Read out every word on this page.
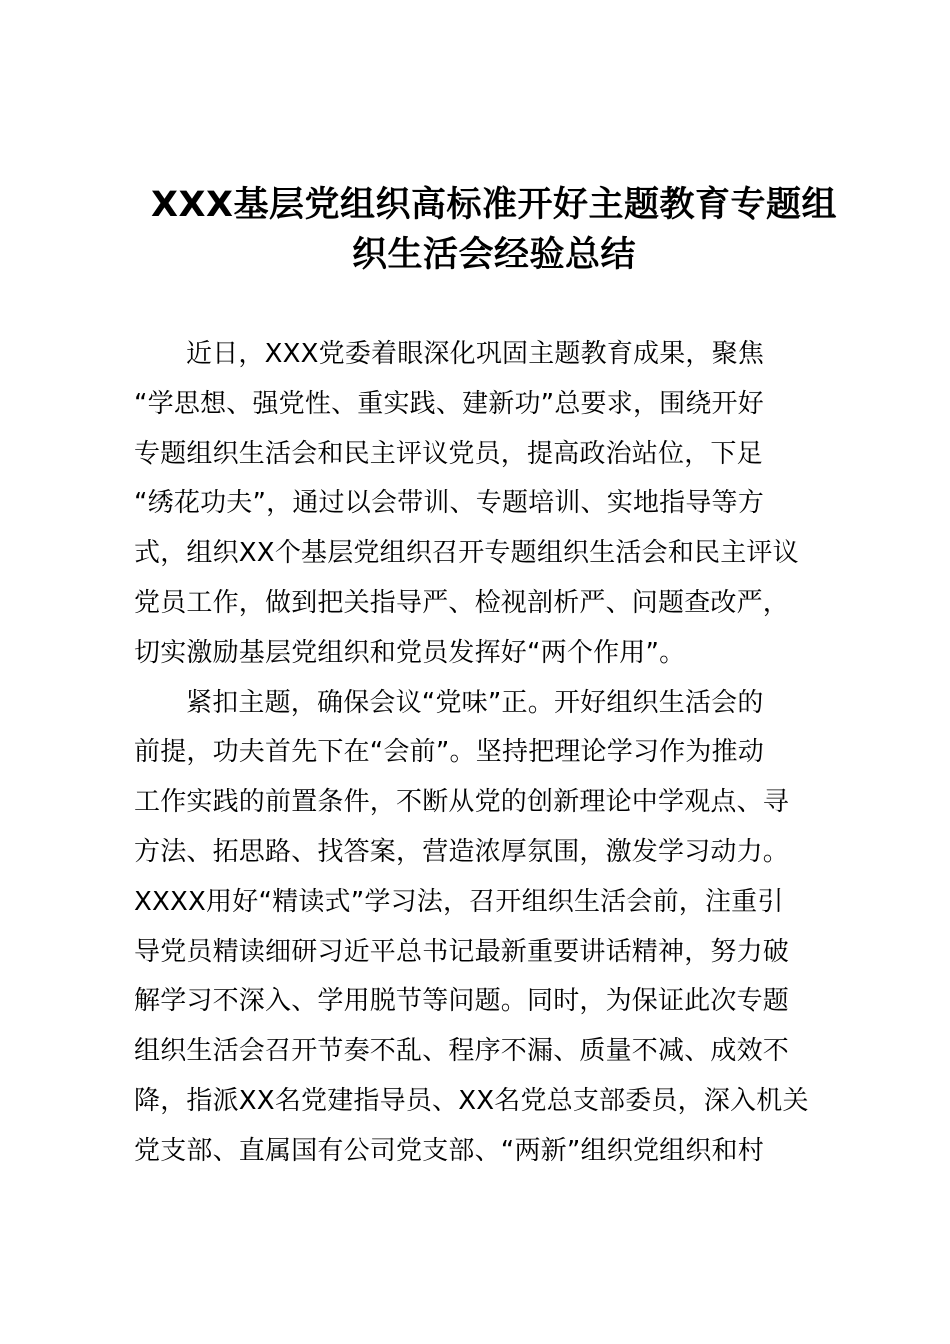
XXX基层党组织高标准开好主题教育专题组
织生活会经验总结
近日，XXX党委着眼深化巩固主题教育成果，聚焦
“学思想、强党性、重实践、建新功”总要求，围绕开好
专题组织生活会和民主评议党员，提高政治站位，下足
“绣花功夫”，通过以会带训、专题培训、实地指导等方
式，组织XX个基层党组织召开专题组织生活会和民主评议
党员工作，做到把关指导严、检视剖析严、问题查改严，
切实激励基层党组织和党员发挥好“两个作用”。
紧扣主题，确保会议“党味”正。开好组织生活会的
前提，功夫首先下在“会前”。坚持把理论学习作为推动
工作实践的前置条件，不断从党的创新理论中学观点、寻
方法、拓思路、找答案，营造浓厚氛围，激发学习动力。
XXXX用好“精读式”学习法，召开组织生活会前，注重引
导党员精读细研习近平总书记最新重要讲话精神，努力破
解学习不深入、学用脱节等问题。同时，为保证此次专题
组织生活会召开节奏不乱、程序不漏、质量不减、成效不
降，指派XX名党建指导员、XX名党总支部委员，深入机关
党支部、直属国有公司党支部、“两新”组织党组织和村
